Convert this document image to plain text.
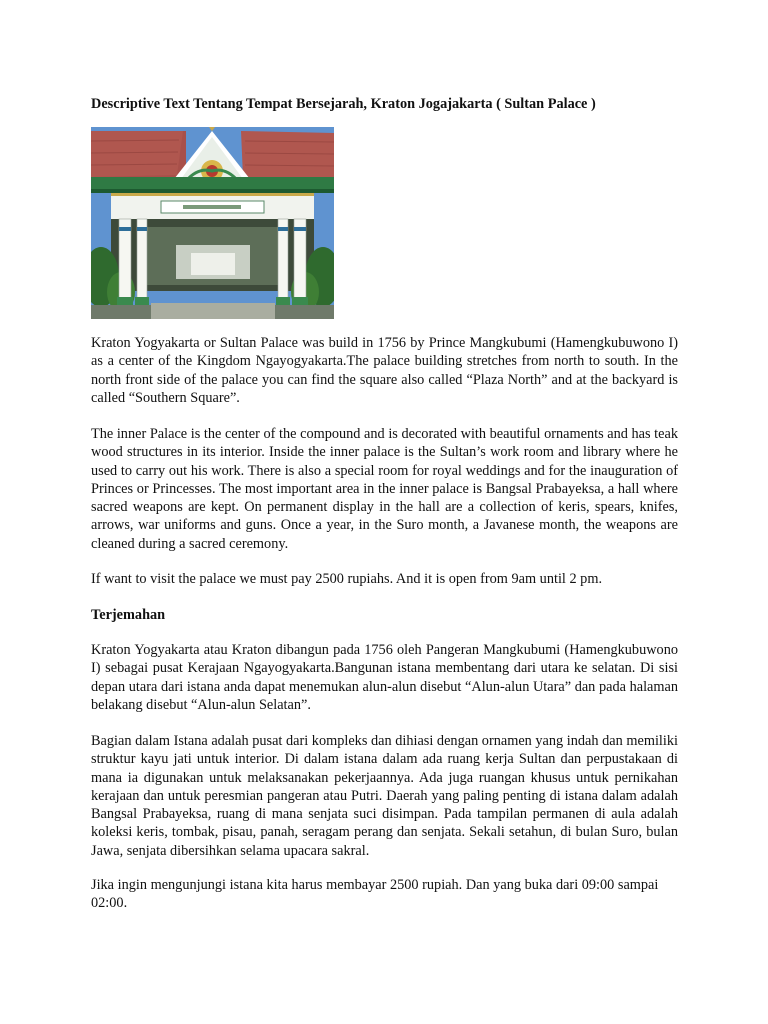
Descriptive Text Tentang Tempat Bersejarah, Kraton Jogajakarta ( Sultan Palace )

Kraton Yogyakarta or Sultan Palace was build in 1756 by Prince Mangkubumi (Hamengkubuwono I) as a center of the Kingdom Ngayogyakarta.The palace building stretches from north to south. In the north front side of the palace you can find the square also called “Plaza North” and at the backyard is called “Southern Square”.

The inner Palace is the center of the compound and is decorated with beautiful ornaments and has teak wood structures in its interior. Inside the inner palace is the Sultan’s work room and library where he used to carry out his work. There is also a special room for royal weddings and for the inauguration of Princes or Princesses. The most important area in the inner palace is Bangsal Prabayeksa, a hall where sacred weapons are kept. On permanent display in the hall are a collection of keris, spears, knifes, arrows, war uniforms and guns. Once a year, in the Suro month, a Javanese month, the weapons are cleaned during a sacred ceremony.

If want to visit the palace we must pay 2500 rupiahs. And it is open from 9am until 2 pm.

Terjemahan

Kraton Yogyakarta atau Kraton dibangun pada 1756 oleh Pangeran Mangkubumi (Hamengkubuwono I) sebagai pusat Kerajaan Ngayogyakarta.Bangunan istana membentang dari utara ke selatan. Di sisi depan utara dari istana anda dapat menemukan alun-alun disebut “Alun-alun Utara” dan pada halaman belakang disebut “Alun-alun Selatan”.

Bagian dalam Istana adalah pusat dari kompleks dan dihiasi dengan ornamen yang indah dan memiliki struktur kayu jati untuk interior. Di dalam istana dalam ada ruang kerja Sultan dan perpustakaan di mana ia digunakan untuk melaksanakan pekerjaannya. Ada juga ruangan khusus untuk pernikahan kerajaan dan untuk peresmian pangeran atau Putri. Daerah yang paling penting di istana dalam adalah Bangsal Prabayeksa, ruang di mana senjata suci disimpan. Pada tampilan permanen di aula adalah koleksi keris, tombak, pisau, panah, seragam perang dan senjata. Sekali setahun, di bulan Suro, bulan Jawa, senjata dibersihkan selama upacara sakral.

Jika ingin mengunjungi istana kita harus membayar 2500 rupiah. Dan yang buka dari 09:00 sampai 02:00.
